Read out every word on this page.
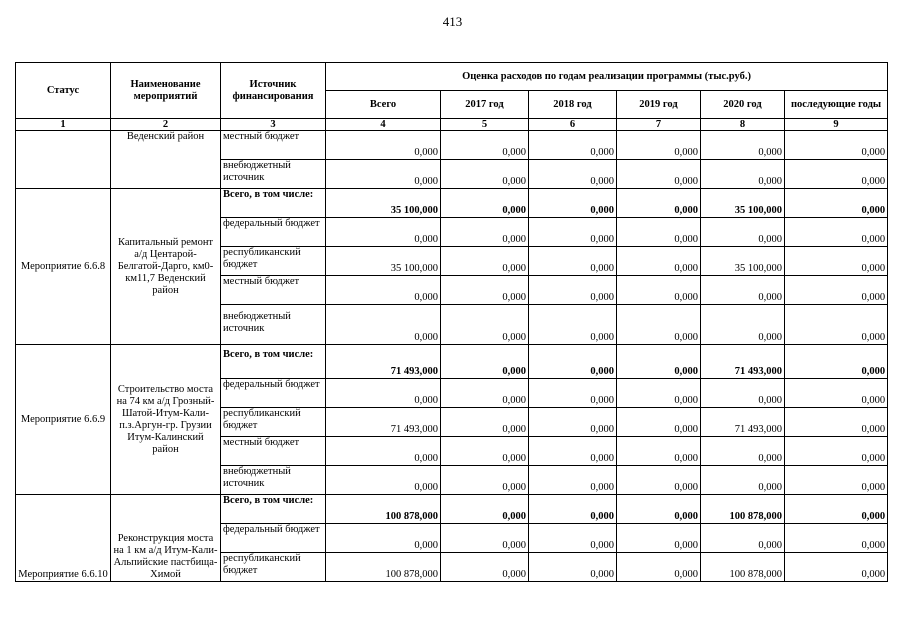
413
Статус	Наименование мероприятий	Источник финансирования	Оценка расходов по годам реализации программы (тыс.руб.)					
			Всего	2017 год	2018 год	2019 год	2020 год	последующие годы
1	2	3	4	5	6	7	8	9
	Веденский район	местный бюджет	0,000	0,000	0,000	0,000	0,000	0,000
		внебюджетный источник	0,000	0,000	0,000	0,000	0,000	0,000
Мероприятие 6.6.8	Капитальный ремонт а/д Центарой-Белгатой-Дарго, км0-км11,7 Веденский район	Всего, в том числе:	35 100,000	0,000	0,000	0,000	35 100,000	0,000
		федеральный бюджет	0,000	0,000	0,000	0,000	0,000	0,000
		республиканский бюджет	35 100,000	0,000	0,000	0,000	35 100,000	0,000
		местный бюджет	0,000	0,000	0,000	0,000	0,000	0,000
		внебюджетный источник	0,000	0,000	0,000	0,000	0,000	0,000
Мероприятие 6.6.9	Строительство моста на 74 км а/д Грозный-Шатой-Итум-Кали-п.з.Аргун-гр. Грузии Итум-Калинский район	Всего, в том числе:	71 493,000	0,000	0,000	0,000	71 493,000	0,000
		федеральный бюджет	0,000	0,000	0,000	0,000	0,000	0,000
		республиканский бюджет	71 493,000	0,000	0,000	0,000	71 493,000	0,000
		местный бюджет	0,000	0,000	0,000	0,000	0,000	0,000
		внебюджетный источник	0,000	0,000	0,000	0,000	0,000	0,000
Мероприятие 6.6.10	Реконструкция моста на 1 км а/д Итум-Кали-Альпийские пастбища-Химой	Всего, в том числе:	100 878,000	0,000	0,000	0,000	100 878,000	0,000
		федеральный бюджет	0,000	0,000	0,000	0,000	0,000	0,000
		республиканский бюджет	100 878,000	0,000	0,000	0,000	100 878,000	0,000
